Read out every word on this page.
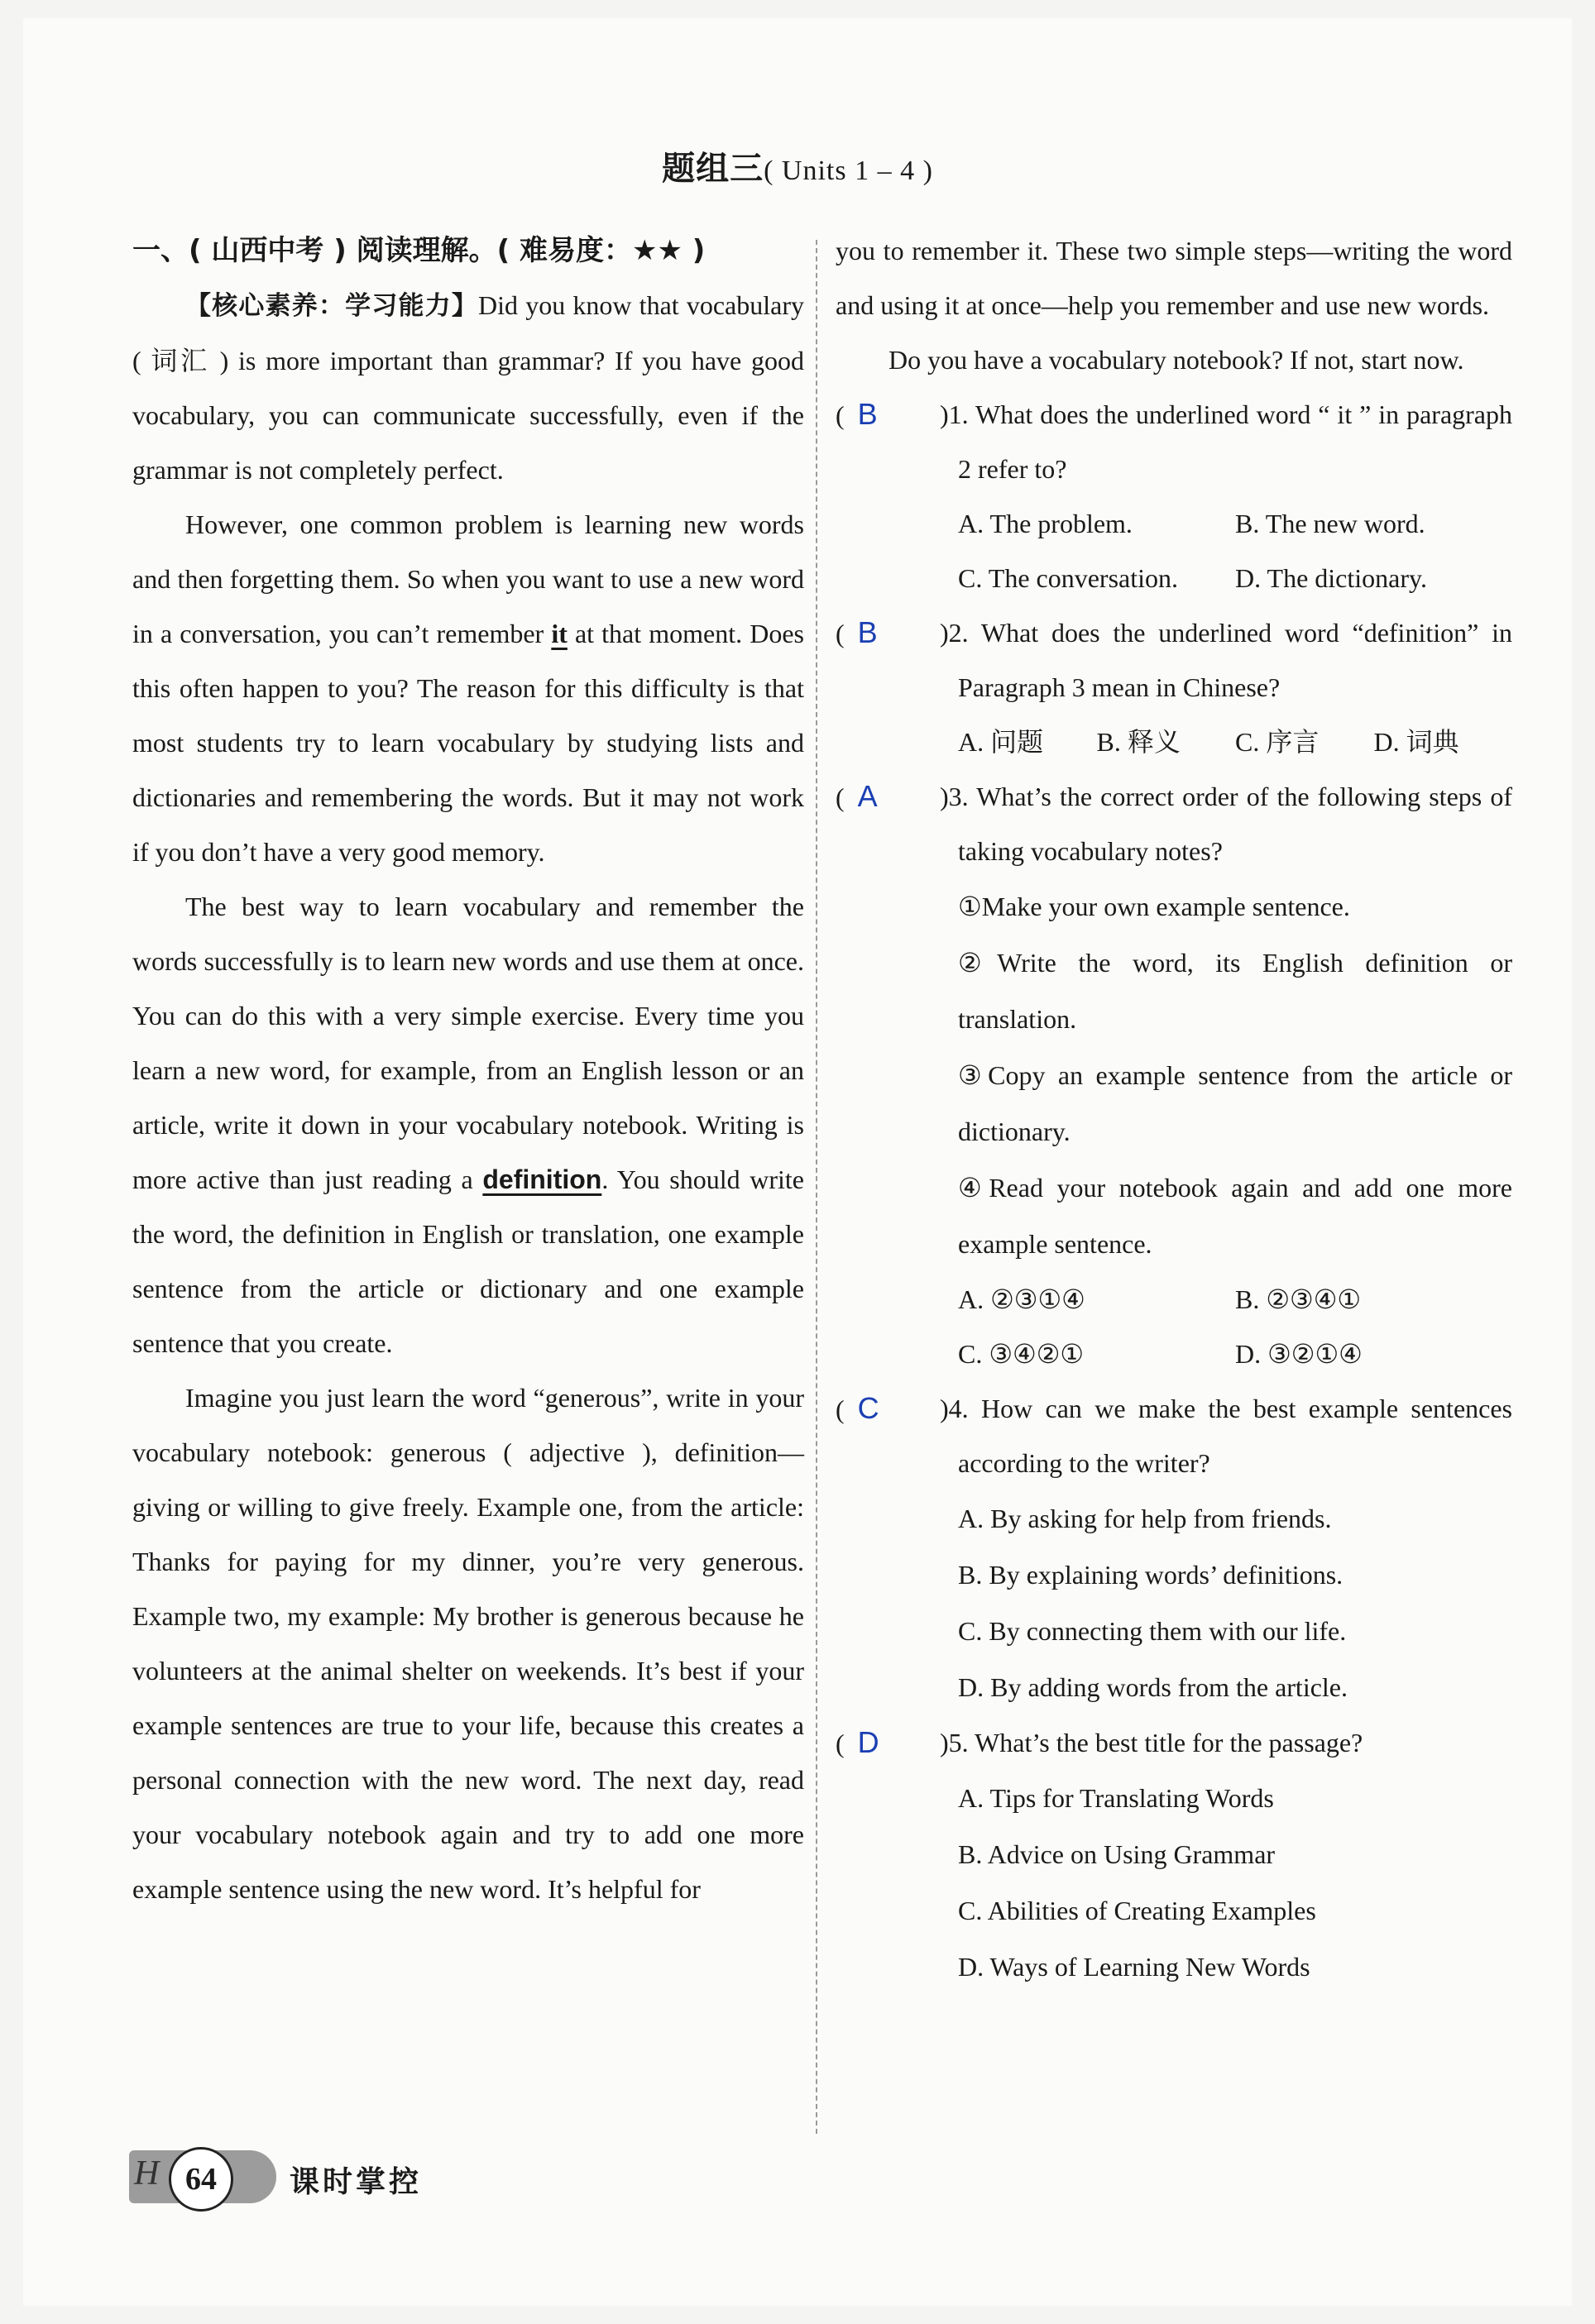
题组三( Units 1 – 4 )

一、( 山西中考 ) 阅读理解。( 难易度：★★ )

【核心素养：学习能力】Did you know that vocabulary ( 词汇 ) is more important than grammar? If you have good vocabulary, you can communicate successfully, even if the grammar is not completely perfect.

However, one common problem is learning new words and then forgetting them. So when you want to use a new word in a conversation, you can’t remember it at that moment. Does this often happen to you? The reason for this difficulty is that most students try to learn vocabulary by studying lists and dictionaries and remembering the words. But it may not work if you don’t have a very good memory.

The best way to learn vocabulary and remember the words successfully is to learn new words and use them at once. You can do this with a very simple exercise. Every time you learn a new word, for example, from an English lesson or an article, write it down in your vocabulary notebook. Writing is more active than just reading a definition. You should write the word, the definition in English or translation, one example sentence from the article or dictionary and one example sentence that you create.

Imagine you just learn the word “generous”, write in your vocabulary notebook: generous ( adjective ), definition—giving or willing to give freely. Example one, from the article: Thanks for paying for my dinner, you’re very generous. Example two, my example: My brother is generous because he volunteers at the animal shelter on weekends. It’s best if your example sentences are true to your life, because this creates a personal connection with the new word. The next day, read your vocabulary notebook again and try to add one more example sentence using the new word. It’s helpful for

you to remember it. These two simple steps—writing the word and using it at once—help you remember and use new words.

Do you have a vocabulary notebook? If not, start now.

(  B	)1. What does the underlined word “ it ” in paragraph 2 refer to?
A. The problem.	B. The new word.
C. The conversation.	D. The dictionary.
(  B	)2. What does the underlined word “definition” in Paragraph 3 mean in Chinese?
A. 问题	B. 释义	C. 序言	D. 词典
(  A	)3. What’s the correct order of the following steps of taking vocabulary notes?
①Make your own example sentence.
②Write the word, its English definition or translation.
③Copy an example sentence from the article or dictionary.
④Read your notebook again and add one more example sentence.
A. ②③①④	B. ②③④①
C. ③④②①	D. ③②①④
(  C	)4. How can we make the best example sentences according to the writer?
A. By asking for help from friends.
B. By explaining words’ definitions.
C. By connecting them with our life.
D. By adding words from the article.
(  D	)5. What’s the best title for the passage?
A. Tips for Translating Words
B. Advice on Using Grammar
C. Abilities of Creating Examples
D. Ways of Learning New Words
H 64	课时掌控
